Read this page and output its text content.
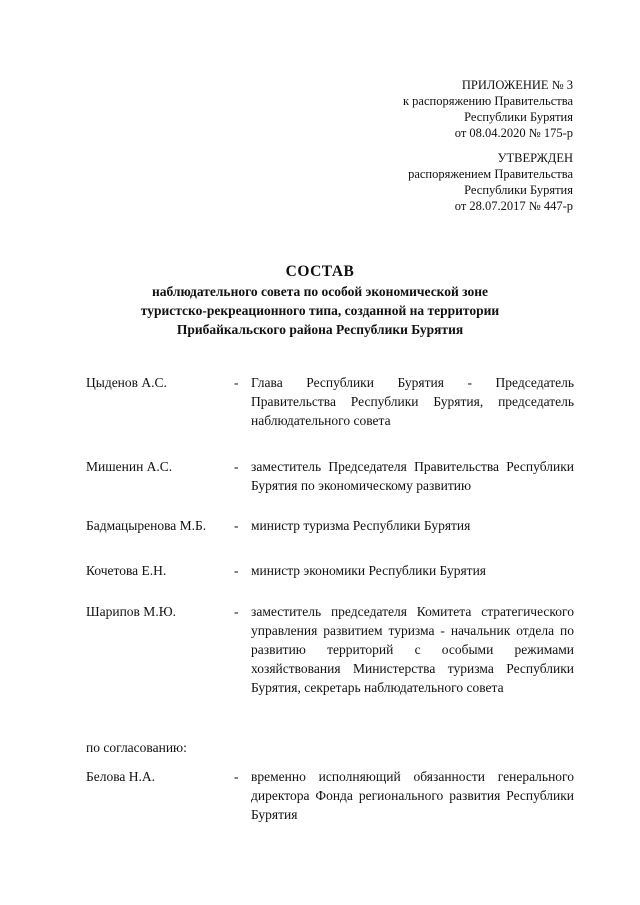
ПРИЛОЖЕНИЕ № 3
к распоряжению Правительства
Республики Бурятия
от 08.04.2020 № 175-р
УТВЕРЖДЕН
распоряжением Правительства
Республики Бурятия
от 28.07.2017 № 447-р
СОСТАВ
наблюдательного совета по особой экономической зоне
туристско-рекреационного типа, созданной на территории
Прибайкальского района Республики Бурятия
Цыденов А.С.	- Глава Республики Бурятия - Председатель Правительства Республики Бурятия, председатель наблюдательного совета
Мишенин А.С.	- заместитель Председателя Правительства Республики Бурятия по экономическому развитию
Бадмацыренова М.Б. - министр туризма Республики Бурятия
Кочетова Е.Н.	- министр экономики Республики Бурятия
Шарипов М.Ю.	- заместитель председателя Комитета стратегического управления развитием туризма - начальник отдела по развитию территорий с особыми режимами хозяйствования Министерства туризма Республики Бурятия, секретарь наблюдательного совета
по согласованию:
Белова Н.А.	- временно исполняющий обязанности генерального директора Фонда регионального развития Республики Бурятия
